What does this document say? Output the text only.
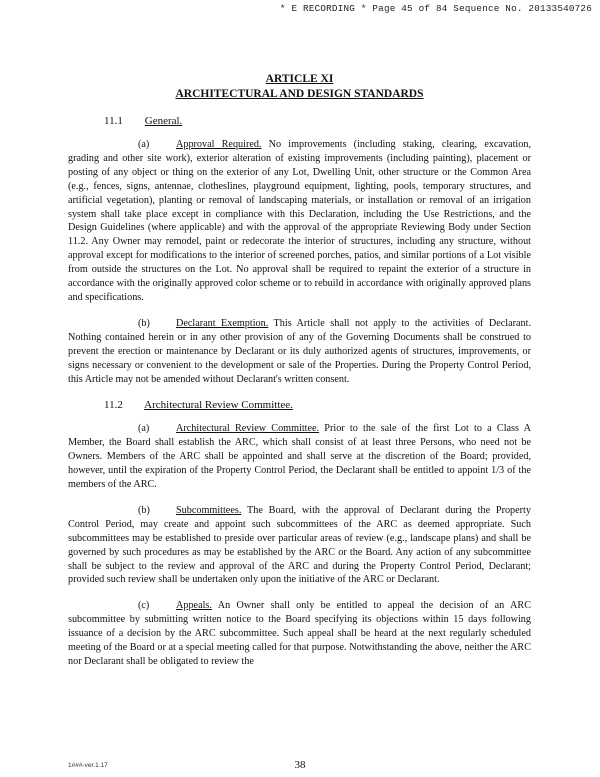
* E RECORDING * Page 45 of 84 Sequence No. 20133540726

ARTICLE XI

ARCHITECTURAL AND DESIGN STANDARDS

11.1 General.

(a)	Approval Required. No improvements (including staking, clearing, excavation, grading and other site work), exterior alteration of existing improvements (including painting), placement or posting of any object or thing on the exterior of any Lot, Dwelling Unit, other structure or the Common Area (e.g., fences, signs, antennae, clotheslines, playground equipment, lighting, pools, temporary structures, and artificial vegetation), planting or removal of landscaping materials, or installation or removal of an irrigation system shall take place except in compliance with this Declaration, including the Use Restrictions, and the Design Guidelines (where applicable) and with the approval of the appropriate Reviewing Body under Section 11.2. Any Owner may remodel, paint or redecorate the interior of structures, including any structure, without approval except for modifications to the interior of screened porches, patios, and similar portions of a Lot visible from outside the structures on the Lot. No approval shall be required to repaint the exterior of a structure in accordance with the originally approved color scheme or to rebuild in accordance with originally approved plans and specifications.

(b)	Declarant Exemption. This Article shall not apply to the activities of Declarant. Nothing contained herein or in any other provision of any of the Governing Documents shall be construed to prevent the erection or maintenance by Declarant or its duly authorized agents of structures, improvements, or signs necessary or convenient to the development or sale of the Properties. During the Property Control Period, this Article may not be amended without Declarant's written consent.

11.2 Architectural Review Committee.

(a)	Architectural Review Committee. Prior to the sale of the first Lot to a Class A Member, the Board shall establish the ARC, which shall consist of at least three Persons, who need not be Owners. Members of the ARC shall be appointed and shall serve at the discretion of the Board; provided, however, until the expiration of the Property Control Period, the Declarant shall be entitled to appoint 1/3 of the members of the ARC.

(b)	Subcommittees. The Board, with the approval of Declarant during the Property Control Period, may create and appoint such subcommittees of the ARC as deemed appropriate. Such subcommittees may be established to preside over particular areas of review (e.g., landscape plans) and shall be governed by such procedures as may be established by the ARC or the Board. Any action of any subcommittee shall be subject to the review and approval of the ARC and during the Property Control Period, Declarant; provided such review shall be undertaken only upon the initiative of the ARC or Declarant.

(c)	Appeals. An Owner shall only be entitled to appeal the decision of an ARC subcommittee by submitting written notice to the Board specifying its objections within 15 days following issuance of a decision by the ARC subcommittee. Such appeal shall be heard at the next regularly scheduled meeting of the Board or at a special meeting called for that purpose. Notwithstanding the above, neither the ARC nor Declarant shall be obligated to review the

1###-ver.1.17	38
